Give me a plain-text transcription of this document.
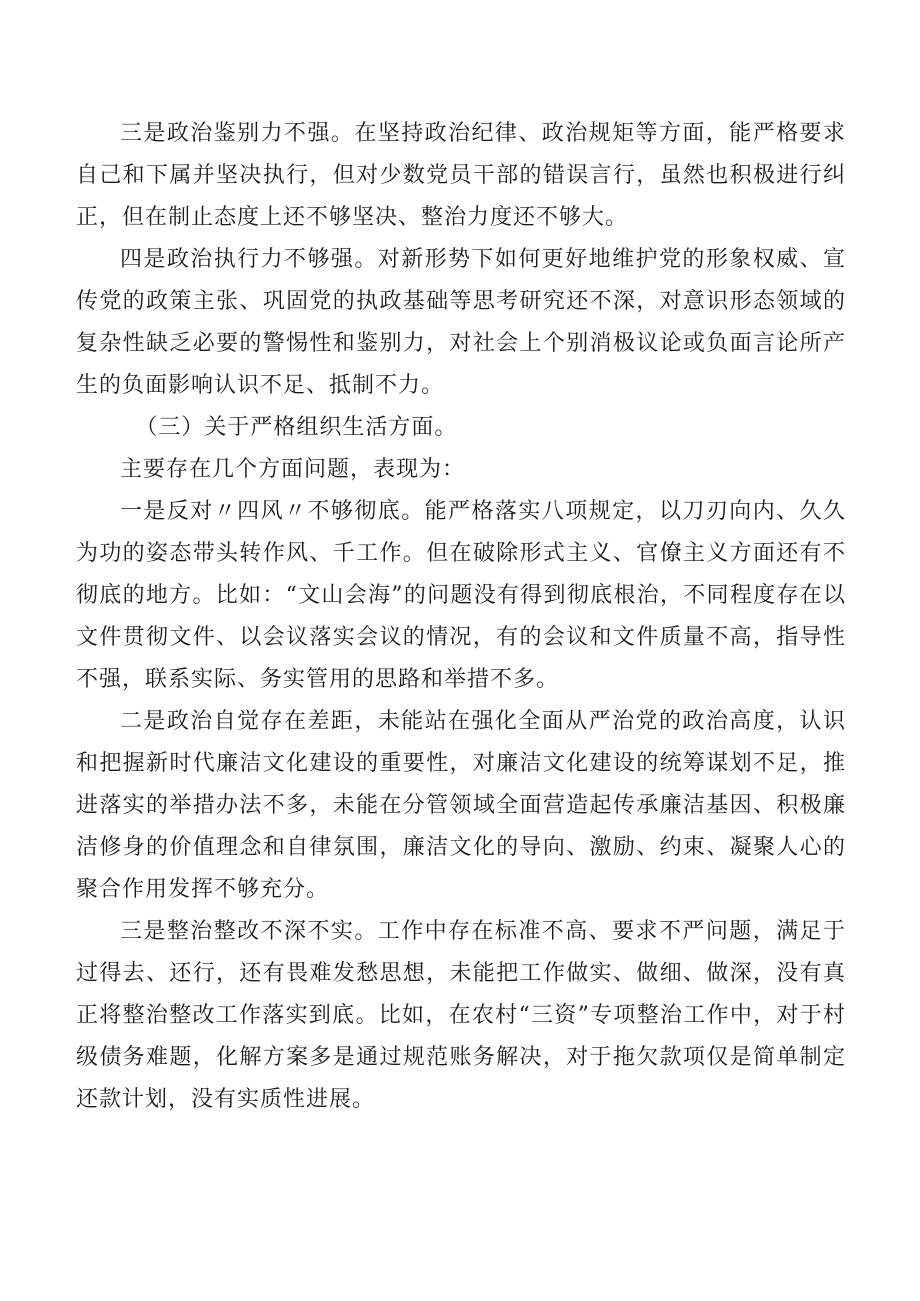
三是政治鉴别力不强。在坚持政治纪律、政治规矩等方面，能严格要求自己和下属并坚决执行，但对少数党员干部的错误言行，虽然也积极进行纠正，但在制止态度上还不够坚决、整治力度还不够大。

四是政治执行力不够强。对新形势下如何更好地维护党的形象权威、宣传党的政策主张、巩固党的执政基础等思考研究还不深，对意识形态领域的复杂性缺乏必要的警惕性和鉴别力，对社会上个别消极议论或负面言论所产生的负面影响认识不足、抵制不力。

（三）关于严格组织生活方面。

主要存在几个方面问题，表现为：

一是反对〃四风〃不够彻底。能严格落实八项规定，以刀刃向内、久久为功的姿态带头转作风、千工作。但在破除形式主义、官僚主义方面还有不彻底的地方。比如：“文山会海”的问题没有得到彻底根治，不同程度存在以文件贯彻文件、以会议落实会议的情况，有的会议和文件质量不高，指导性不强，联系实际、务实管用的思路和举措不多。

二是政治自觉存在差距，未能站在强化全面从严治党的政治高度，认识和把握新时代廉洁文化建设的重要性，对廉洁文化建设的统筹谋划不足，推进落实的举措办法不多，未能在分管领域全面营造起传承廉洁基因、积极廉洁修身的价值理念和自律氛围，廉洁文化的导向、激励、约束、凝聚人心的聚合作用发挥不够充分。

三是整治整改不深不实。工作中存在标准不高、要求不严问题，满足于过得去、还行，还有畏难发愁思想，未能把工作做实、做细、做深，没有真正将整治整改工作落实到底。比如，在农村“三资”专项整治工作中，对于村级债务难题，化解方案多是通过规范账务解决，对于拖欠款项仅是简单制定还款计划，没有实质性进展。
